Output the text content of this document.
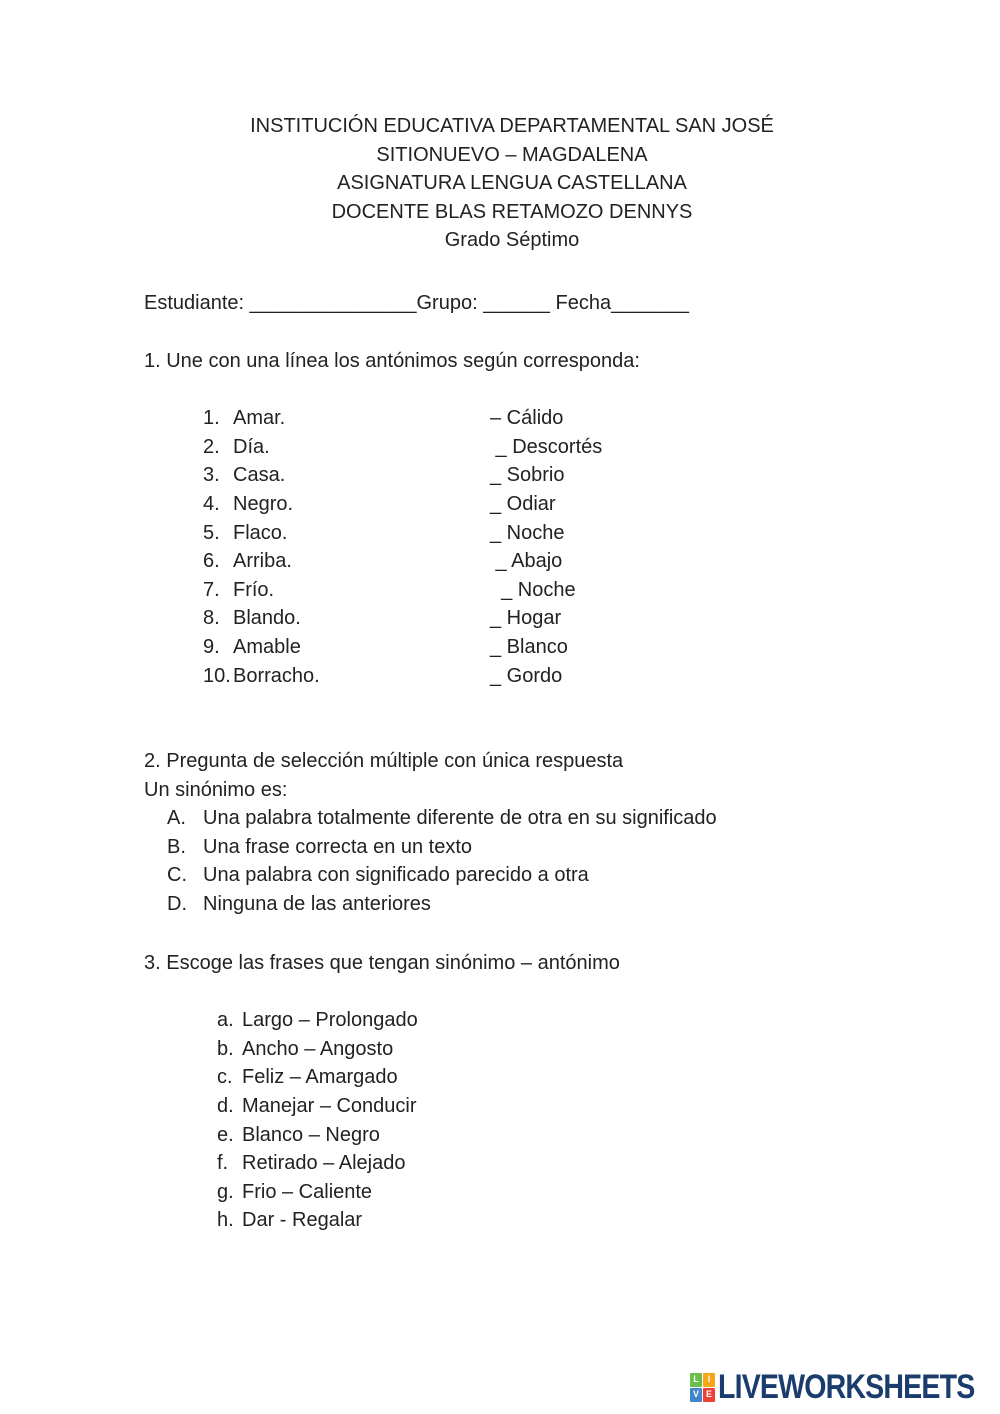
INSTITUCIÓN EDUCATIVA DEPARTAMENTAL SAN JOSÉ
SITIONUEVO – MAGDALENA
ASIGNATURA LENGUA CASTELLANA
DOCENTE BLAS RETAMOZO DENNYS
Grado Séptimo
Estudiante: _______________Grupo: ______ Fecha_______
1. Une con una línea los antónimos según corresponda:
1. Amar.	– Cálido
2. Día.	_ Descortés
3. Casa.	_ Sobrio
4. Negro.	_ Odiar
5. Flaco.	_ Noche
6. Arriba.	_ Abajo
7. Frío.	_ Noche
8. Blando.	_ Hogar
9. Amable	_ Blanco
10. Borracho.	_ Gordo
2. Pregunta de selección múltiple con única respuesta
Un sinónimo es:
A. Una palabra totalmente diferente de otra en su significado
B. Una frase correcta en un texto
C. Una palabra con significado parecido a otra
D. Ninguna de las anteriores
3. Escoge las frases que tengan sinónimo – antónimo
a. Largo – Prolongado
b. Ancho – Angosto
c. Feliz – Amargado
d. Manejar – Conducir
e. Blanco – Negro
f. Retirado – Alejado
g. Frio – Caliente
h. Dar - Regalar
L I
V E LIVEWORKSHEETS
